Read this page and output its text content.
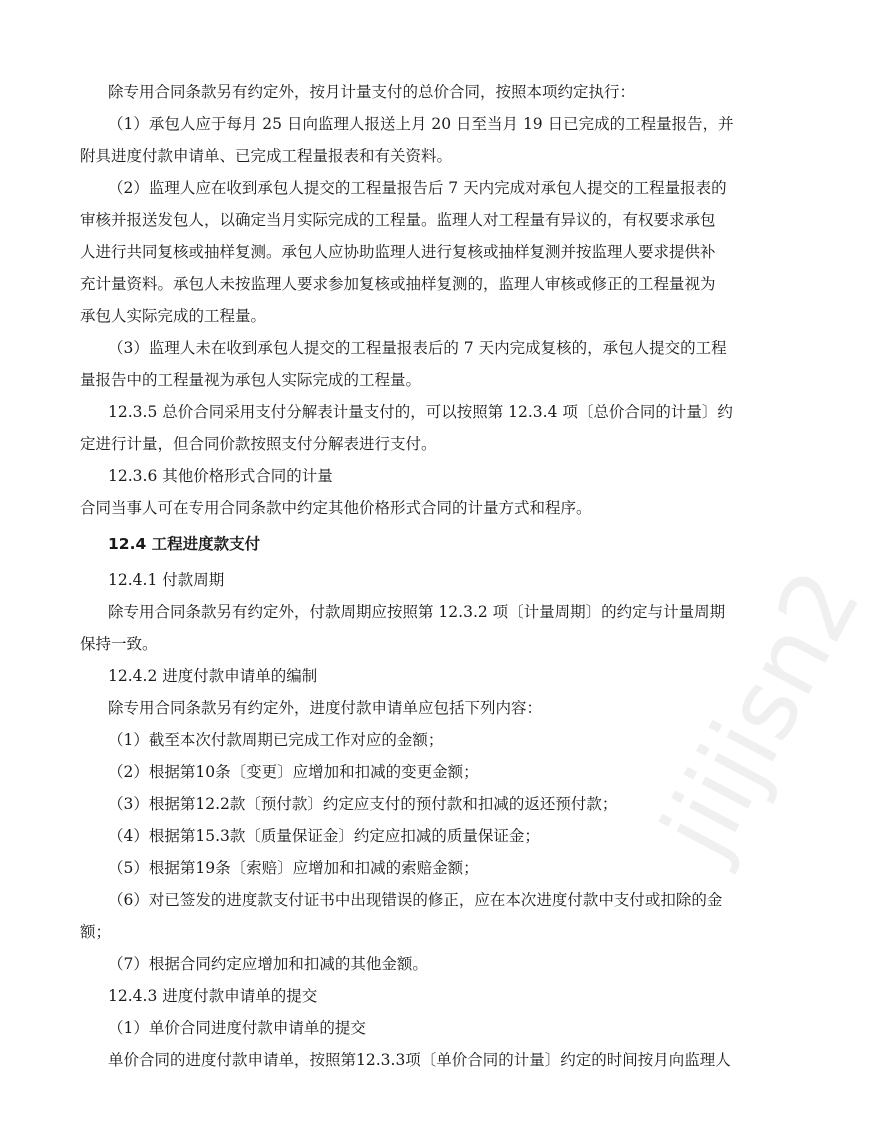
除专用合同条款另有约定外，按月计量支付的总价合同，按照本项约定执行：

（1）承包人应于每月 25 日向监理人报送上月 20 日至当月 19 日已完成的工程量报告，并

附具进度付款申请单、已完成工程量报表和有关资料。

（2）监理人应在收到承包人提交的工程量报告后 7 天内完成对承包人提交的工程量报表的

审核并报送发包人，以确定当月实际完成的工程量。监理人对工程量有异议的，有权要求承包

人进行共同复核或抽样复测。承包人应协助监理人进行复核或抽样复测并按监理人要求提供补

充计量资料。承包人未按监理人要求参加复核或抽样复测的，监理人审核或修正的工程量视为

承包人实际完成的工程量。

（3）监理人未在收到承包人提交的工程量报表后的 7 天内完成复核的，承包人提交的工程

量报告中的工程量视为承包人实际完成的工程量。

12.3.5 总价合同采用支付分解表计量支付的，可以按照第 12.3.4 项〔总价合同的计量〕约

定进行计量，但合同价款按照支付分解表进行支付。

12.3.6 其他价格形式合同的计量

合同当事人可在专用合同条款中约定其他价格形式合同的计量方式和程序。

12.4 工程进度款支付

12.4.1 付款周期

除专用合同条款另有约定外，付款周期应按照第 12.3.2 项〔计量周期〕的约定与计量周期

保持一致。

12.4.2 进度付款申请单的编制

除专用合同条款另有约定外，进度付款申请单应包括下列内容：

（1）截至本次付款周期已完成工作对应的金额；

（2）根据第10条〔变更〕应增加和扣减的变更金额；

（3）根据第12.2款〔预付款〕约定应支付的预付款和扣减的返还预付款；

（4）根据第15.3款〔质量保证金〕约定应扣减的质量保证金；

（5）根据第19条〔索赔〕应增加和扣减的索赔金额；

（6）对已签发的进度款支付证书中出现错误的修正，应在本次进度付款中支付或扣除的金

额；

（7）根据合同约定应增加和扣减的其他金额。

12.4.3 进度付款申请单的提交

（1）单价合同进度付款申请单的提交

单价合同的进度付款申请单，按照第12.3.3项〔单价合同的计量〕约定的时间按月向监理人

jiijisn2
